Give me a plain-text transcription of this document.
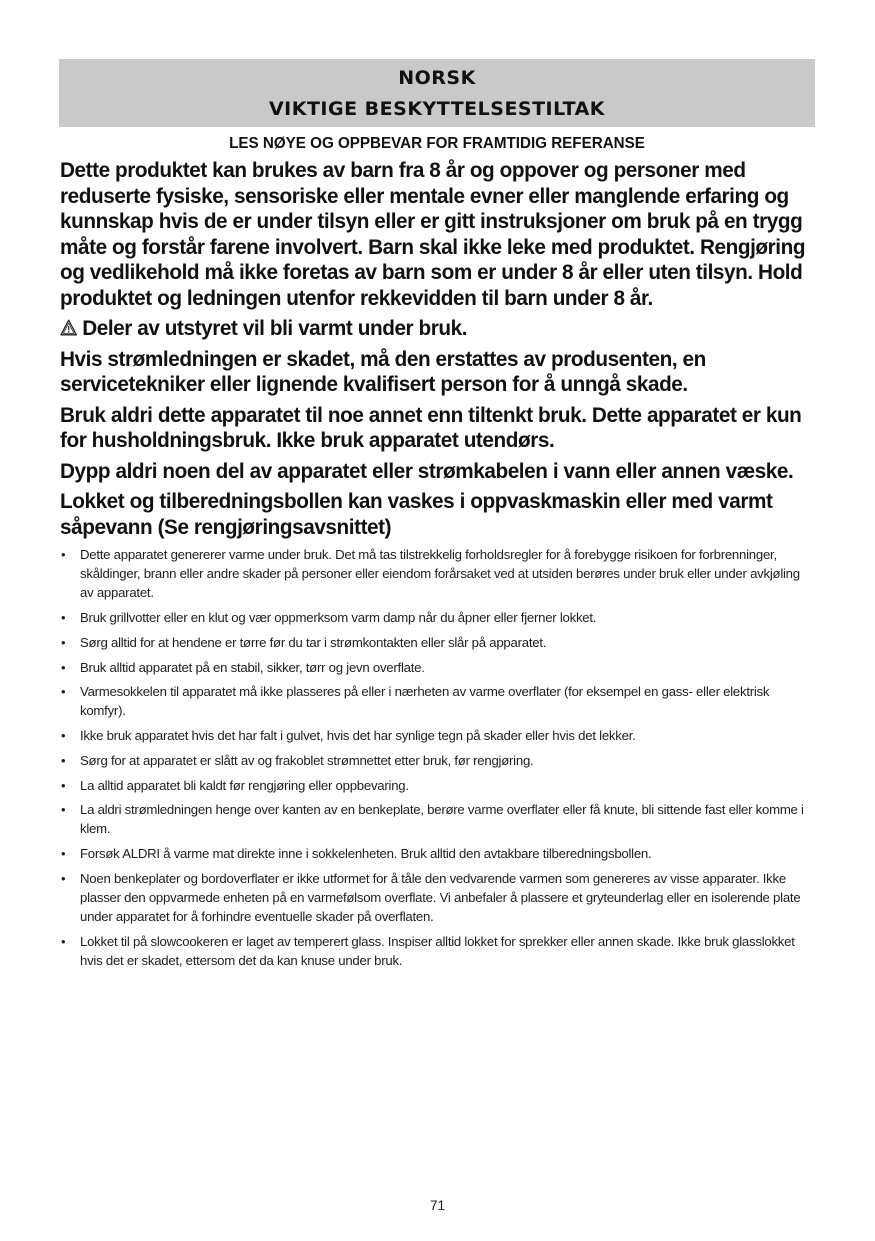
NORSK
VIKTIGE BESKYTTELSESTILTAK
LES NØYE OG OPPBEVAR FOR FRAMTIDIG REFERANSE

Dette produktet kan brukes av barn fra 8 år og oppover og personer med reduserte fysiske, sensoriske eller mentale evner eller manglende erfaring og kunnskap hvis de er under tilsyn eller er gitt instruksjoner om bruk på en trygg måte og forstår farene involvert. Barn skal ikke leke med produktet. Rengjøring og vedlikehold må ikke foretas av barn som er under 8 år eller uten tilsyn. Hold produktet og ledningen utenfor rekkevidden til barn under 8 år.

Deler av utstyret vil bli varmt under bruk.

Hvis strømledningen er skadet, må den erstattes av produsenten, en servicetekniker eller lignende kvalifisert person for å unngå skade.

Bruk aldri dette apparatet til noe annet enn tiltenkt bruk. Dette apparatet er kun for husholdningsbruk. Ikke bruk apparatet utendørs.

Dypp aldri noen del av apparatet eller strømkabelen i vann eller annen væske.

Lokket og tilberedningsbollen kan vaskes i oppvaskmaskin eller med varmt såpevann (Se rengjøringsavsnittet)

• Dette apparatet genererer varme under bruk. Det må tas tilstrekkelig forholdsregler for å forebygge risikoen for forbrenninger, skåldinger, brann eller andre skader på personer eller eiendom forårsaket ved at utsiden berøres under bruk eller under avkjøling av apparatet.
• Bruk grillvotter eller en klut og vær oppmerksom varm damp når du åpner eller fjerner lokket.
• Sørg alltid for at hendene er tørre før du tar i strømkontakten eller slår på apparatet.
• Bruk alltid apparatet på en stabil, sikker, tørr og jevn overflate.
• Varmesokkelen til apparatet må ikke plasseres på eller i nærheten av varme overflater (for eksempel en gass- eller elektrisk komfyr).
• Ikke bruk apparatet hvis det har falt i gulvet, hvis det har synlige tegn på skader eller hvis det lekker.
• Sørg for at apparatet er slått av og frakoblet strømnettet etter bruk, før rengjøring.
• La alltid apparatet bli kaldt før rengjøring eller oppbevaring.
• La aldri strømledningen henge over kanten av en benkeplate, berøre varme overflater eller få knute, bli sittende fast eller komme i klem.
• Forsøk ALDRI å varme mat direkte inne i sokkelenheten. Bruk alltid den avtakbare tilberedningsbollen.
• Noen benkeplater og bordoverflater er ikke utformet for å tåle den vedvarende varmen som genereres av visse apparater. Ikke plasser den oppvarmede enheten på en varmefølsom overflate. Vi anbefaler å plassere et gryteunderlag eller en isolerende plate under apparatet for å forhindre eventuelle skader på overflaten.
• Lokket til på slowcookeren er laget av temperert glass. Inspiser alltid lokket for sprekker eller annen skade. Ikke bruk glasslokket hvis det er skadet, ettersom det da kan knuse under bruk.
71
